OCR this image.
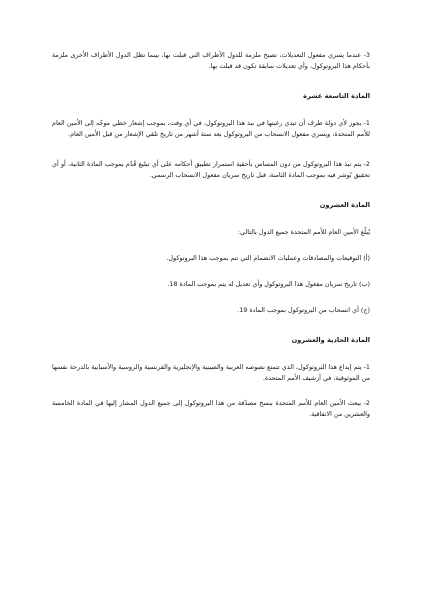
3- عندما يسري مفعول التعديلات، تصبح ملزمة للدول الأطراف التي قبلت بها، بينما تظل الدول الأطراف الأخرى ملزمة بأحكام هذا البروتوكول، وأي تعديلات سابقة تكون قد قبلت بها.

المادة التاسعة عشرة

1- يجوز لأي دولة طرف أن تبدي رغبتها في نبذ هذا البروتوكول، في أي وقت، بموجب إشعار خطي موجّه إلى الأمين العام للأمم المتحدة، ويسري مفعول الانسحاب من البروتوكول بعد ستة أشهر من تاريخ تلقي الإشعار من قبل الأمين العام.

2- يتم نبذ هذا البروتوكول من دون المساس بأحقية استمرار تطبيق أحكامه على أي تبليغ قُدّم بموجب المادة الثانية، أو أي تحقيق بُوشر فيه بموجب المادة الثامنة، قبل تاريخ سريان مفعول الانسحاب الرسمي.

المادة العشرون

يُبلّغ الأمين العام للأمم المتحدة جميع الدول بالتالي:

(أ) التوقيعات والمصادقات وعمليات الانضمام التي تتم بموجب هذا البروتوكول.

(ب) تاريخ سريان مفعول هذا البروتوكول وأي تعديل له يتم بموجب المادة 18.

(ج) أي انسحاب من البروتوكول بموجب المادة 19.

المادة الحادية والعشرون

1- يتم إيداع هذا البروتوكول، الذي تتمتع نصوصه العربية والصينية والإنجليزية والفرنسية والروسية والأسبانية بالدرجة نفسها من الموثوقية، في أرشيف الأمم المتحدة.

2- يبعث الأمين العام للأمم المتحدة بنسخ مصدّقة من هذا البروتوكول إلى جميع الدول المشار إليها في المادة الخامسة والعشرين من الاتفاقية.
